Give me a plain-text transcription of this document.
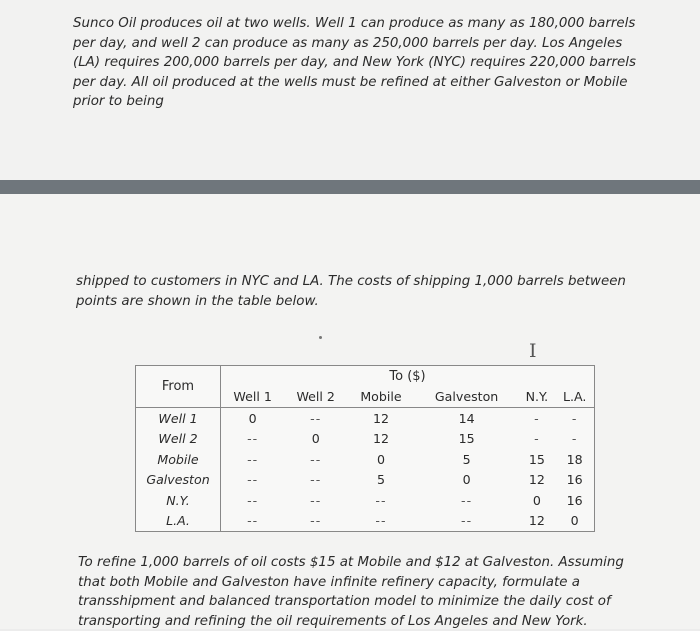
Sunco Oil produces oil at two wells. Well 1 can produce as many as 180,000 barrels per day, and well 2 can produce as many as 250,000 barrels per day. Los Angeles (LA) requires 200,000 barrels per day, and New York (NYC) requires 220,000 barrels per day. All oil produced at the wells must be refined at either Galveston or Mobile prior to being

shipped to customers in NYC and LA. The costs of shipping 1,000 barrels between points are shown in the table below.

I
From	To ($)					
	Well 1	Well 2	Mobile	Galveston	N.Y.	L.A.
Well 1	0	--	12	14	-	-
Well 2	--	0	12	15	-	-
Mobile	--	--	0	5	15	18
Galveston	--	--	5	0	12	16
N.Y.	--	--	--	--	0	16
L.A.	--	--	--	--	12	0

To refine 1,000 barrels of oil costs $15 at Mobile and $12 at Galveston. Assuming that both Mobile and Galveston have infinite refinery capacity, formulate a transshipment and balanced transportation model to minimize the daily cost of transporting and refining the oil requirements of Los Angeles and New York.
